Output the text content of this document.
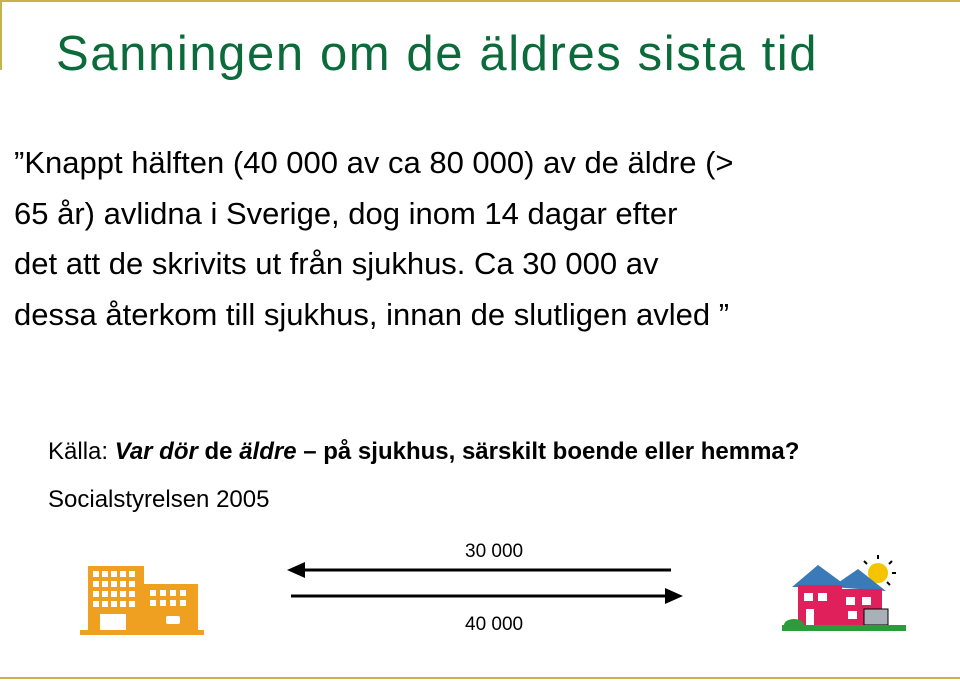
Sanningen om de äldres sista tid
”Knappt hälften (40 000 av ca 80 000) av de äldre (>
65 år) avlidna i Sverige, dog inom 14 dagar efter
det att de skrivits ut från sjukhus. Ca 30 000 av
dessa återkom till sjukhus, innan de slutligen avled ”
Källa: Var dör de äldre – på sjukhus, särskilt boende eller hemma?
Socialstyrelsen 2005
30 000
40 000
